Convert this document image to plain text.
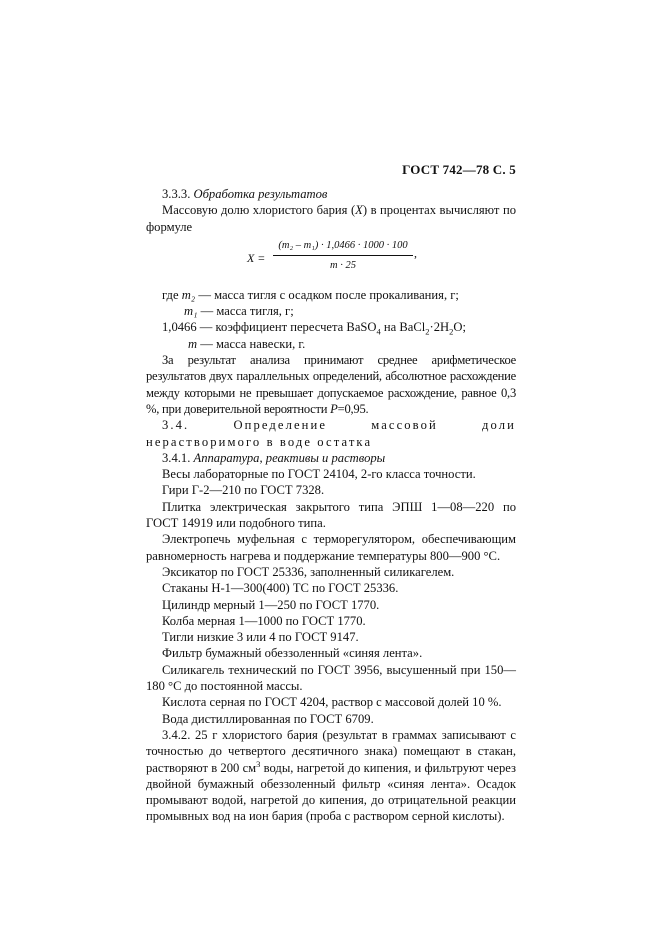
ГОСТ 742—78 С. 5

3.3.3. Обработка результатов

Массовую долю хлористого бария (X) в процентах вычисляют по формуле

X =
(m₂ – m₁) · 1,0466 · 1000 · 100
m · 25
,

где m₂ — масса тигля с осадком после прокаливания, г;

m₁ — масса тигля, г;

1,0466 — коэффициент пересчета BaSO$_4$ на $BaCl_2\cdot 2H_2O$;

m — масса навески, г.

За результат анализа принимают среднее арифметическое результатов двух параллельных определений, абсолютное расхождение между которыми не превышает допускаемое расхождение, равное 0,3 %, при доверительной вероятности P=0,95.

3.4. Определение массовой доли нерастворимого в воде остатка

3.4.1. Аппаратура, реактивы и растворы

Весы лабораторные по ГОСТ 24104, 2-го класса точности.

Гири Г-2—210 по ГОСТ 7328.

Плитка электрическая закрытого типа ЭПШ 1—08—220 по ГОСТ 14919 или подобного типа.

Электропечь муфельная с терморегулятором, обеспечивающим равномерность нагрева и поддержание температуры 800—900 °С.

Эксикатор по ГОСТ 25336, заполненный силикагелем.

Стаканы Н-1—300(400) ТС по ГОСТ 25336.

Цилиндр мерный 1—250 по ГОСТ 1770.

Колба мерная 1—1000 по ГОСТ 1770.

Тигли низкие 3 или 4 по ГОСТ 9147.

Фильтр бумажный обеззоленный «синяя лента».

Силикагель технический по ГОСТ 3956, высушенный при 150—180 °С до постоянной массы.

Кислота серная по ГОСТ 4204, раствор с массовой долей 10 %.

Вода дистиллированная по ГОСТ 6709.

3.4.2. 25 г хлористого бария (результат в граммах записывают с точностью до четвертого десятичного знака) помещают в стакан, растворяют в 200 $см^3$ воды, нагретой до кипения, и фильтруют через двойной бумажный обеззоленный фильтр «синяя лента». Осадок промывают водой, нагретой до кипения, до отрицательной реакции промывных вод на ион бария (проба с раствором серной кислоты).
